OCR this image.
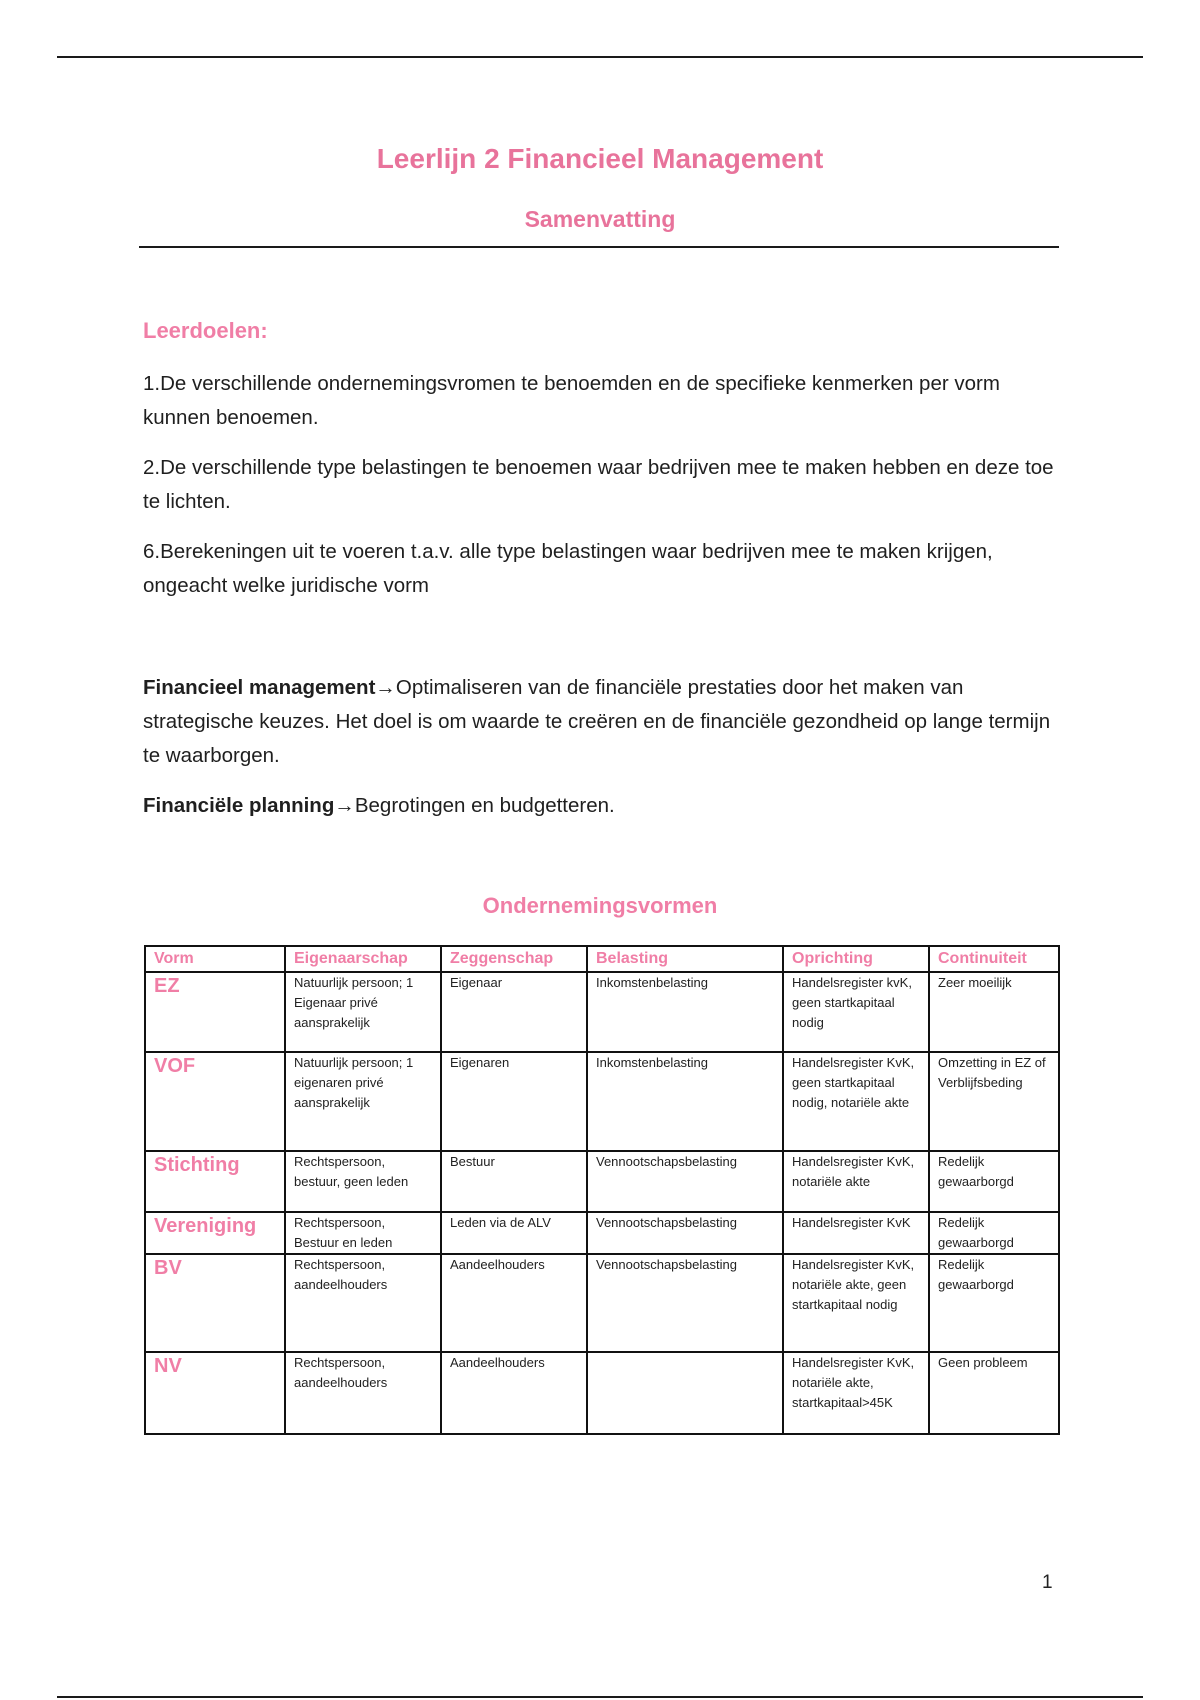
Leerlijn 2 Financieel Management
Samenvatting
Leerdoelen:

1.De verschillende ondernemingsvromen te benoemden en de specifieke kenmerken per vorm kunnen benoemen.

2.De verschillende type belastingen te benoemen waar bedrijven mee te maken hebben en deze toe te lichten.

6.Berekeningen uit te voeren t.a.v. alle type belastingen waar bedrijven mee te maken krijgen, ongeacht welke juridische vorm

Financieel management→Optimaliseren van de financiële prestaties door het maken van strategische keuzes. Het doel is om waarde te creëren en de financiële gezondheid op lange termijn te waarborgen.

Financiële planning→Begrotingen en budgetteren.

Ondernemingsvormen
Vorm	Eigenaarschap	Zeggenschap	Belasting	Oprichting	Continuiteit
EZ	Natuurlijk persoon; 1 Eigenaar privé aansprakelijk	Eigenaar	Inkomstenbelasting	Handelsregister kvK, geen startkapitaal nodig	Zeer moeilijk
VOF	Natuurlijk persoon; 1 eigenaren privé aansprakelijk	Eigenaren	Inkomstenbelasting	Handelsregister KvK, geen startkapitaal nodig, notariële akte	Omzetting in EZ of Verblijfsbeding
Stichting	Rechtspersoon, bestuur, geen leden	Bestuur	Vennootschapsbelasting	Handelsregister KvK, notariële akte	Redelijk gewaarborgd
Vereniging	Rechtspersoon, Bestuur en leden	Leden via de ALV	Vennootschapsbelasting	Handelsregister KvK	Redelijk gewaarborgd
BV	Rechtspersoon, aandeelhouders	Aandeelhouders	Vennootschapsbelasting	Handelsregister KvK, notariële akte, geen startkapitaal nodig	Redelijk gewaarborgd
NV	Rechtspersoon, aandeelhouders	Aandeelhouders		Handelsregister KvK, notariële akte, startkapitaal>45K	Geen probleem
1
